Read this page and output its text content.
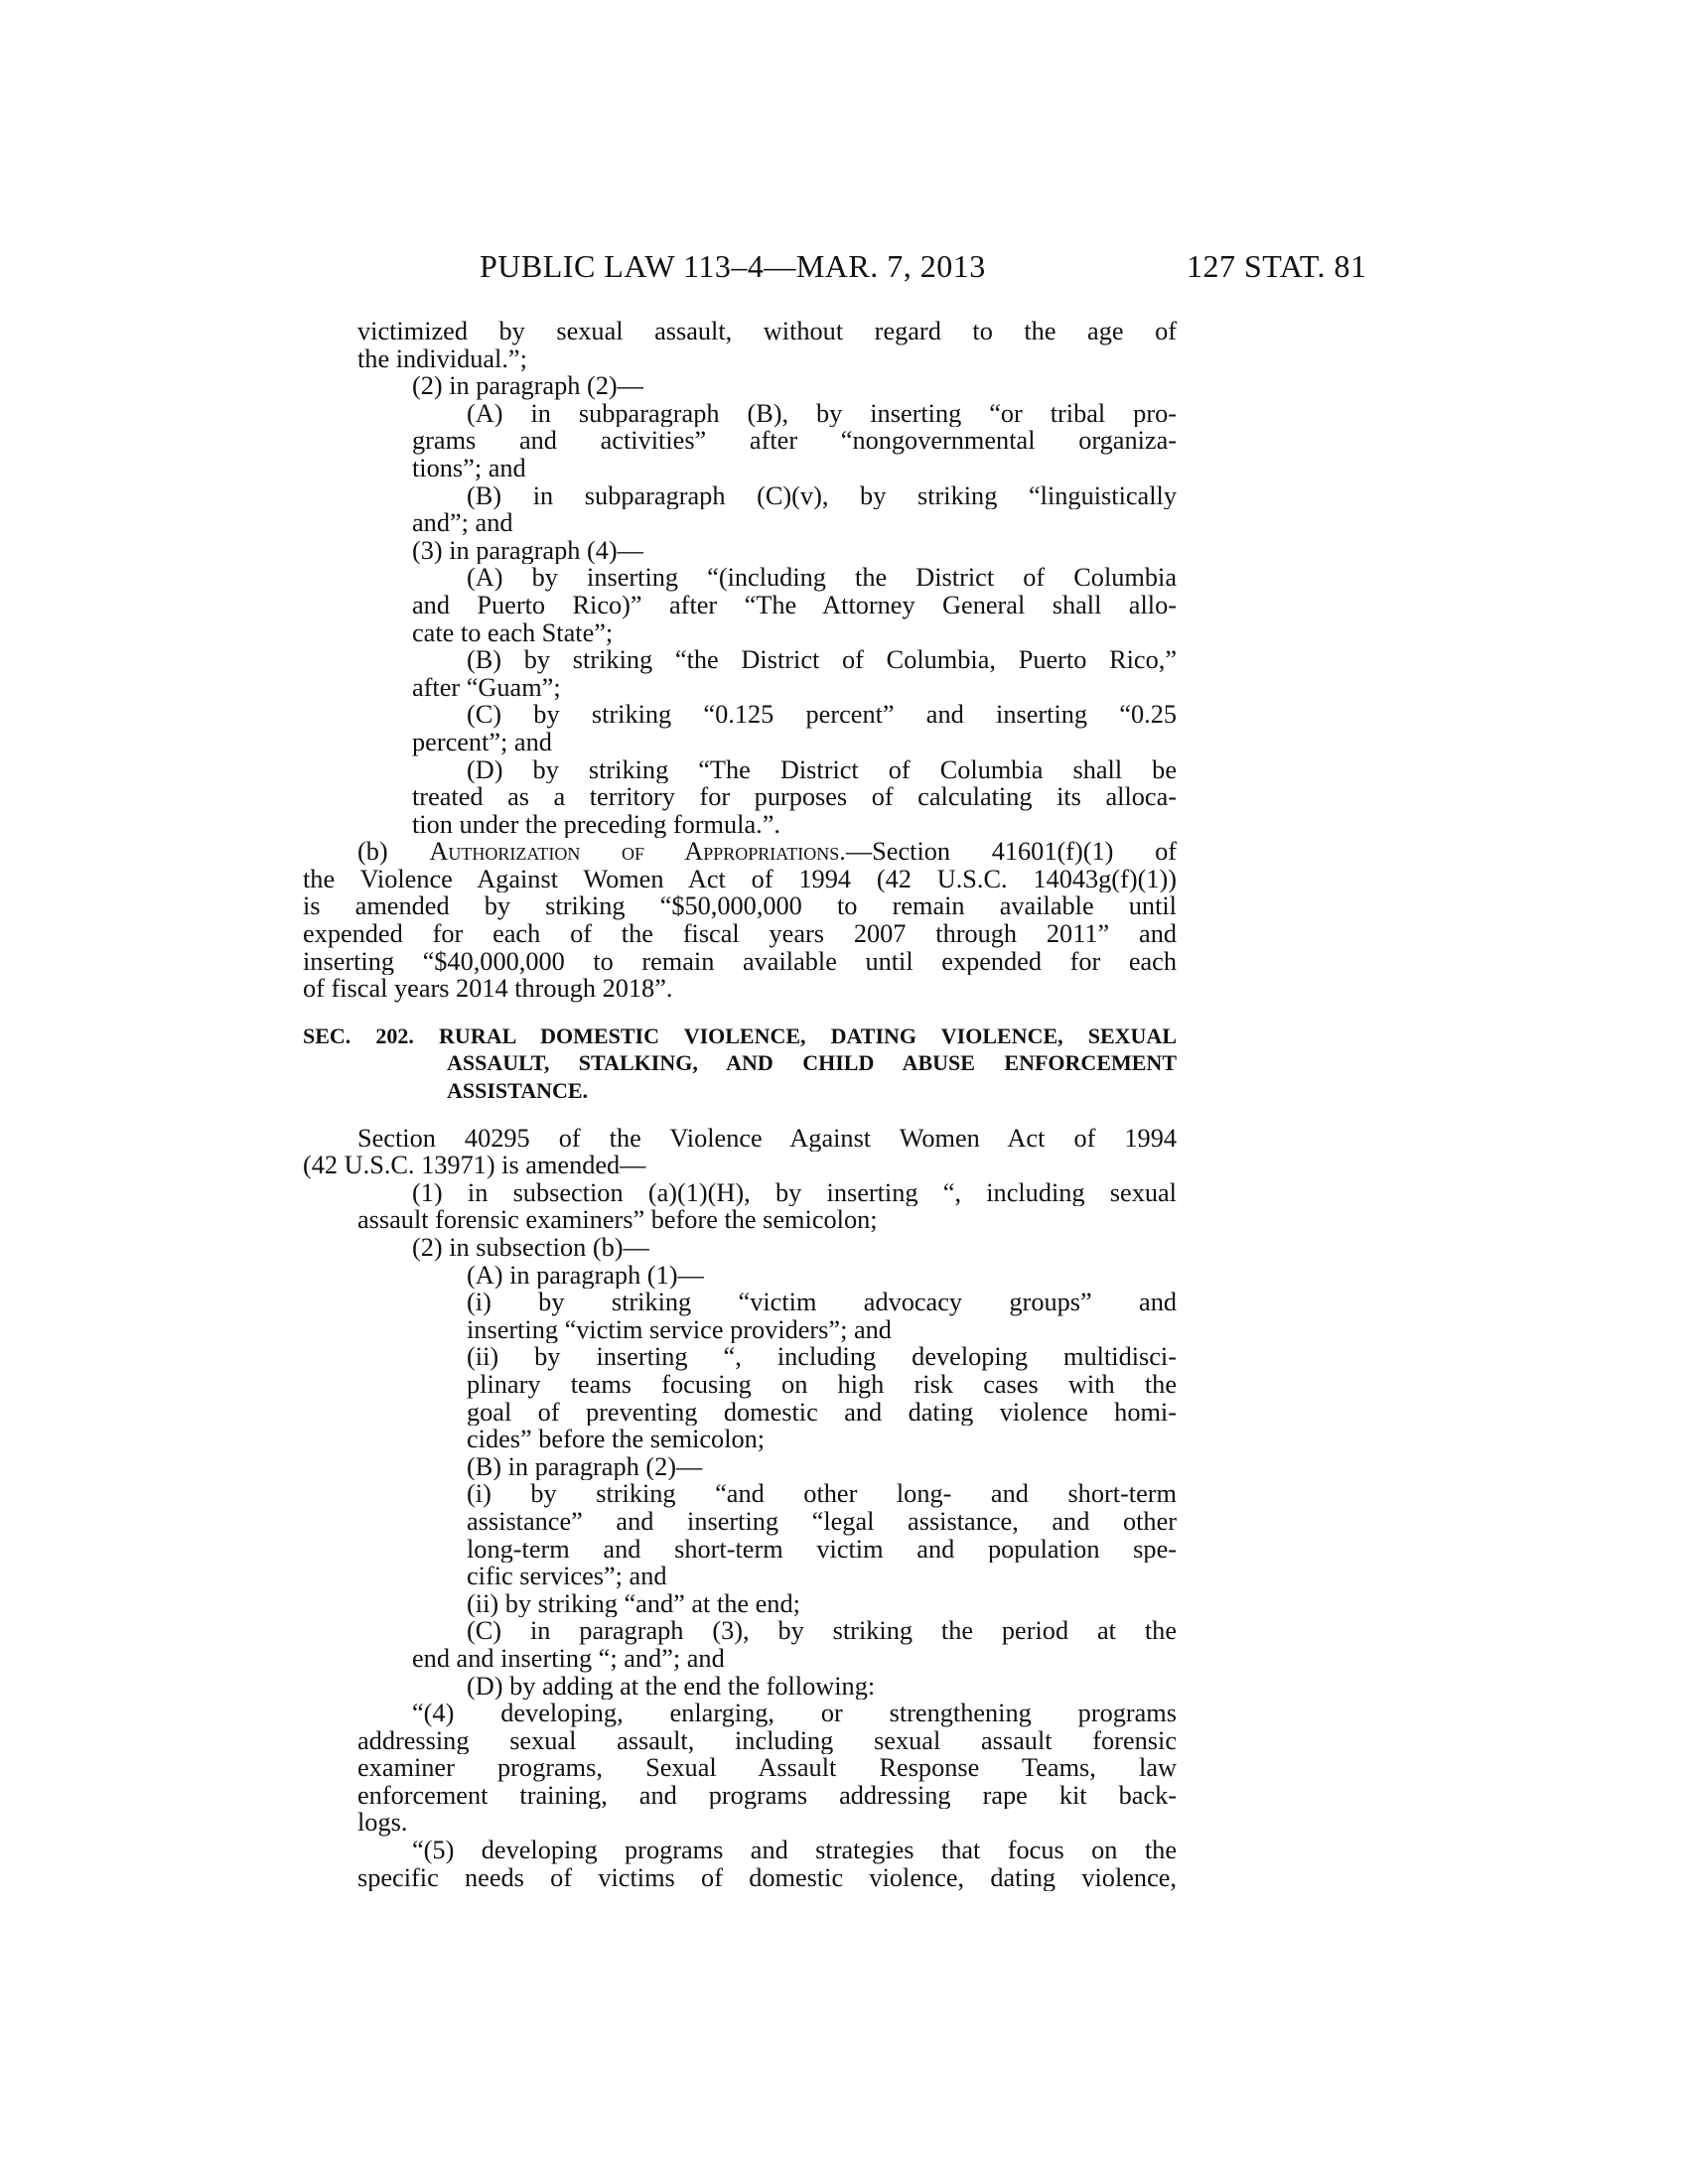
PUBLIC LAW 113–4—MAR. 7, 2013	127 STAT. 81
victimized by sexual assault, without regard to the age of
the individual.”;
(2) in paragraph (2)—
(A) in subparagraph (B), by inserting “or tribal pro-
grams and activities” after “nongovernmental organiza-
tions”; and
(B) in subparagraph (C)(v), by striking “linguistically
and”; and
(3) in paragraph (4)—
(A) by inserting “(including the District of Columbia
and Puerto Rico)” after “The Attorney General shall allo-
cate to each State”;
(B) by striking “the District of Columbia, Puerto Rico,”
after “Guam”;
(C) by striking “0.125 percent” and inserting “0.25
percent”; and
(D) by striking “The District of Columbia shall be
treated as a territory for purposes of calculating its alloca-
tion under the preceding formula.”.
(b) Authorization of Appropriations.—Section 41601(f)(1) of
the Violence Against Women Act of 1994 (42 U.S.C. 14043g(f)(1))
is amended by striking “$50,000,000 to remain available until
expended for each of the fiscal years 2007 through 2011” and
inserting “$40,000,000 to remain available until expended for each
of fiscal years 2014 through 2018”.
SEC. 202. RURAL DOMESTIC VIOLENCE, DATING VIOLENCE, SEXUAL
ASSAULT, STALKING, AND CHILD ABUSE ENFORCEMENT
ASSISTANCE.
Section 40295 of the Violence Against Women Act of 1994
(42 U.S.C. 13971) is amended—
(1) in subsection (a)(1)(H), by inserting “, including sexual
assault forensic examiners” before the semicolon;
(2) in subsection (b)—
(A) in paragraph (1)—
(i) by striking “victim advocacy groups” and
inserting “victim service providers”; and
(ii) by inserting “, including developing multidisci-
plinary teams focusing on high risk cases with the
goal of preventing domestic and dating violence homi-
cides” before the semicolon;
(B) in paragraph (2)—
(i) by striking “and other long- and short-term
assistance” and inserting “legal assistance, and other
long-term and short-term victim and population spe-
cific services”; and
(ii) by striking “and” at the end;
(C) in paragraph (3), by striking the period at the
end and inserting “; and”; and
(D) by adding at the end the following:
“(4) developing, enlarging, or strengthening programs
addressing sexual assault, including sexual assault forensic
examiner programs, Sexual Assault Response Teams, law
enforcement training, and programs addressing rape kit back-
logs.
“(5) developing programs and strategies that focus on the
specific needs of victims of domestic violence, dating violence,
